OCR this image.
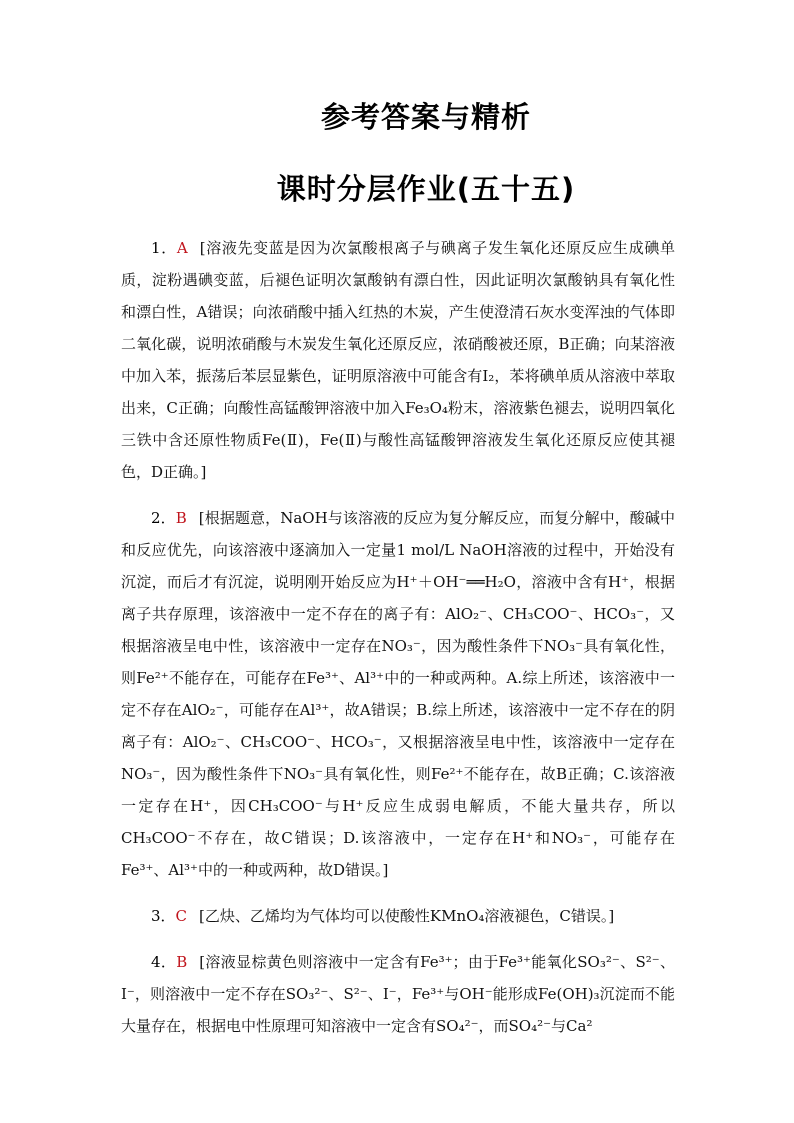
参考答案与精析
课时分层作业(五十五)

1．A [溶液先变蓝是因为次氯酸根离子与碘离子发生氧化还原反应生成碘单质，淀粉遇碘变蓝，后褪色证明次氯酸钠有漂白性，因此证明次氯酸钠具有氧化性和漂白性，A错误；向浓硝酸中插入红热的木炭，产生使澄清石灰水变浑浊的气体即二氧化碳，说明浓硝酸与木炭发生氧化还原反应，浓硝酸被还原，B正确；向某溶液中加入苯，振荡后苯层显紫色，证明原溶液中可能含有I₂，苯将碘单质从溶液中萃取出来，C正确；向酸性高锰酸钾溶液中加入Fe₃O₄粉末，溶液紫色褪去，说明四氧化三铁中含还原性物质Fe(Ⅱ)，Fe(Ⅱ)与酸性高锰酸钾溶液发生氧化还原反应使其褪色，D正确。]

2．B [根据题意，NaOH与该溶液的反应为复分解反应，而复分解中，酸碱中和反应优先，向该溶液中逐滴加入一定量1 mol/L NaOH溶液的过程中，开始没有沉淀，而后才有沉淀，说明刚开始反应为H⁺＋OH⁻══H₂O，溶液中含有H⁺，根据离子共存原理，该溶液中一定不存在的离子有：AlO₂⁻、CH₃COO⁻、HCO₃⁻，又根据溶液呈电中性，该溶液中一定存在NO₃⁻，因为酸性条件下NO₃⁻具有氧化性，则Fe²⁺不能存在，可能存在Fe³⁺、Al³⁺中的一种或两种。A.综上所述，该溶液中一定不存在AlO₂⁻，可能存在Al³⁺，故A错误；B.综上所述，该溶液中一定不存在的阴离子有：AlO₂⁻、CH₃COO⁻、HCO₃⁻，又根据溶液呈电中性，该溶液中一定存在NO₃⁻，因为酸性条件下NO₃⁻具有氧化性，则Fe²⁺不能存在，故B正确；C.该溶液一定存在H⁺，因CH₃COO⁻与H⁺反应生成弱电解质，不能大量共存，所以CH₃COO⁻不存在，故C错误；D.该溶液中，一定存在H⁺和NO₃⁻，可能存在Fe³⁺、Al³⁺中的一种或两种，故D错误。]

3．C [乙炔、乙烯均为气体均可以使酸性KMnO₄溶液褪色，C错误。]

4．B [溶液显棕黄色则溶液中一定含有Fe³⁺；由于Fe³⁺能氧化SO₃²⁻、S²⁻、I⁻，则溶液中一定不存在SO₃²⁻、S²⁻、I⁻，Fe³⁺与OH⁻能形成Fe(OH)₃沉淀而不能大量存在，根据电中性原理可知溶液中一定含有SO₄²⁻，而SO₄²⁻与Ca²
